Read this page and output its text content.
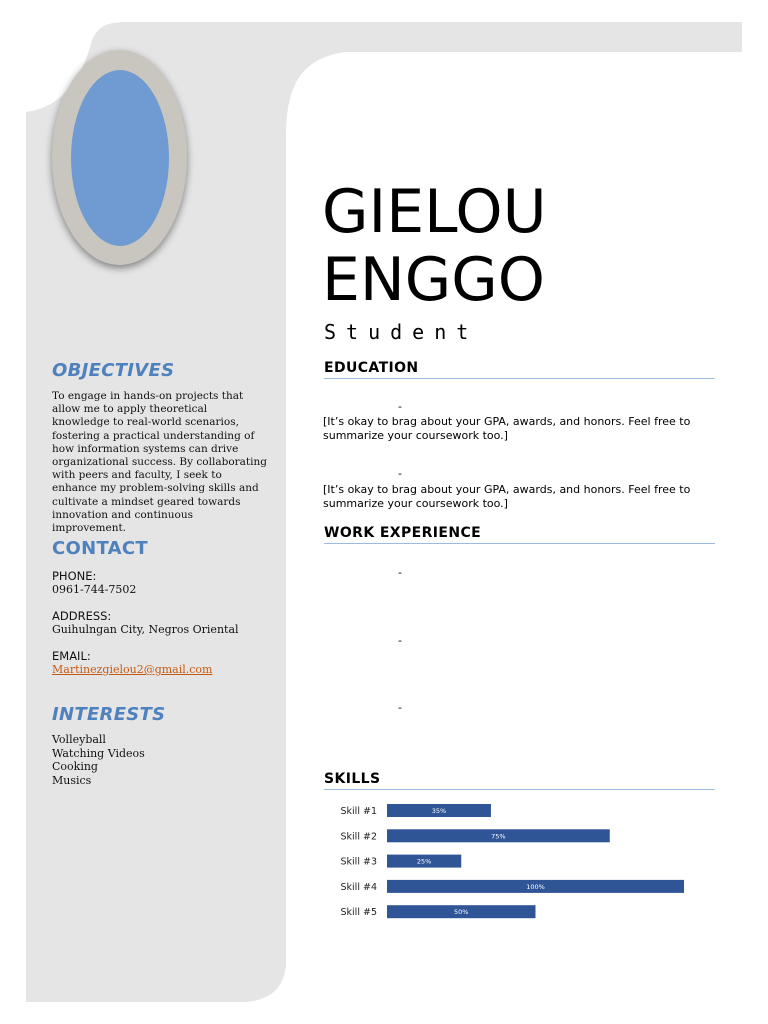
OBJECTIVES
To engage in hands-on projects that allow me to apply theoretical knowledge to real-world scenarios, fostering a practical understanding of how information systems can drive organizational success. By collaborating with peers and faculty, I seek to enhance my problem-solving skills and cultivate a mindset geared towards innovation and continuous improvement.
CONTACT
PHONE:
0961-744-7502
ADDRESS:
Guihulngan City, Negros Oriental
EMAIL:
Martinezgielou2@gmail.com
INTERESTS
Volleyball
Watching Videos
Cooking
Musics
GIELOU
ENGGO
Student
EDUCATION
-
[It’s okay to brag about your GPA, awards, and honors. Feel free to summarize your coursework too.]
-
[It’s okay to brag about your GPA, awards, and honors. Feel free to summarize your coursework too.]
WORK EXPERIENCE
-
-
-
SKILLS
Skill #1	35%
Skill #2	75%
Skill #3	25%
Skill #4	100%
Skill #5	50%
